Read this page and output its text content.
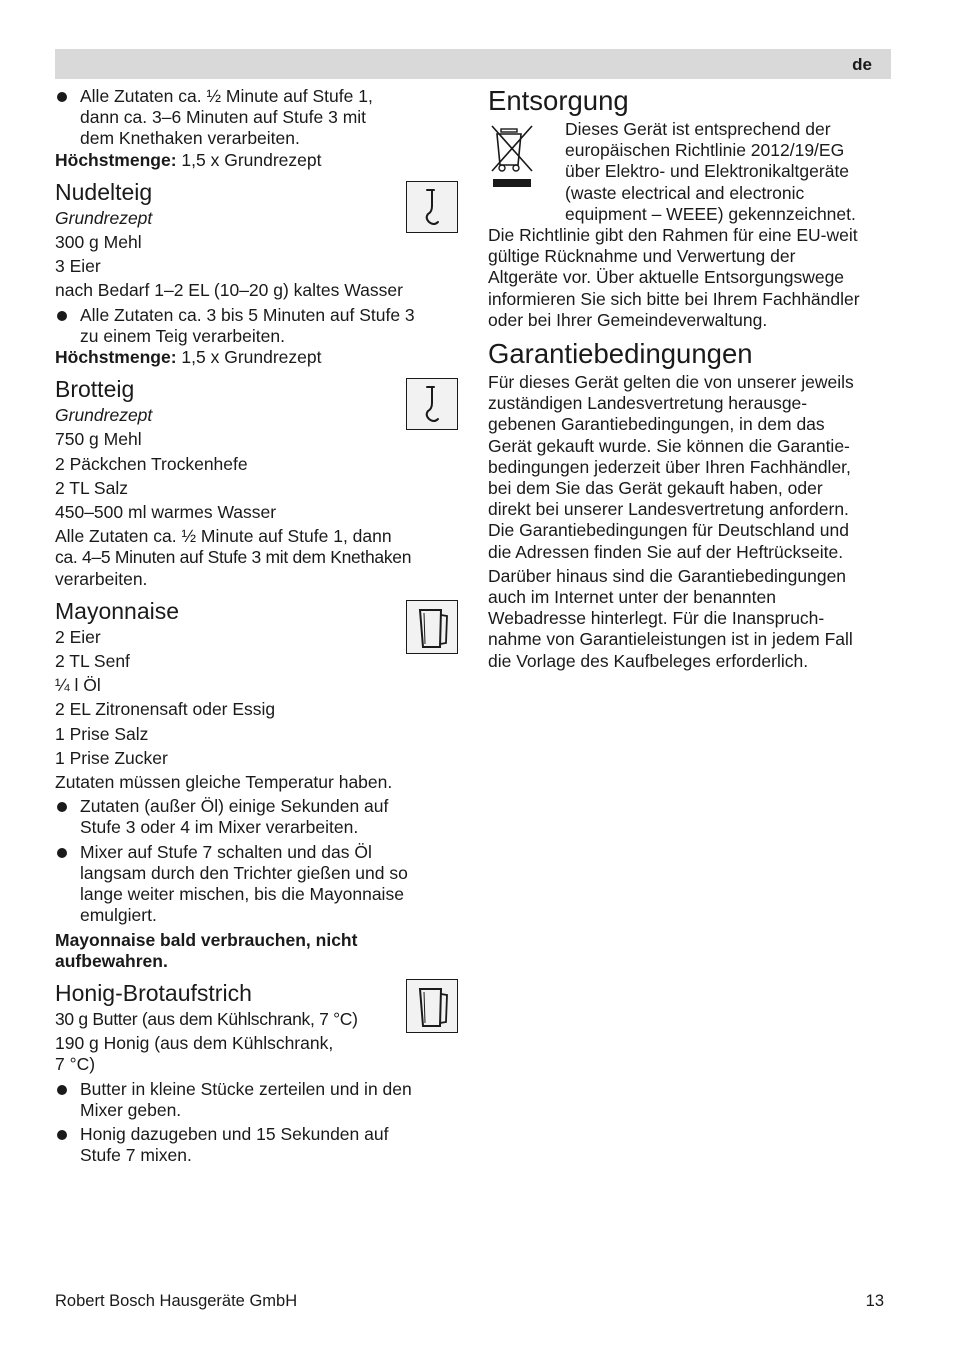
de
Alle Zutaten ca. ½ Minute auf Stufe 1,
dann ca. 3–6 Minuten auf Stufe 3 mit
dem Knethaken verarbeiten.
Höchstmenge: 1,5 x Grundrezept
Nudelteig
Grundrezept
300 g Mehl
3 Eier
nach Bedarf 1–2 EL (10–20 g) kaltes Wasser
Alle Zutaten ca. 3 bis 5 Minuten auf Stufe 3
zu einem Teig verarbeiten.
Höchstmenge: 1,5 x Grundrezept
Brotteig
Grundrezept
750 g Mehl
2 Päckchen Trockenhefe
2 TL Salz
450–500 ml warmes Wasser
Alle Zutaten ca. ½ Minute auf Stufe 1, dann
ca. 4–5 Minuten auf Stufe 3 mit dem Knethaken
verarbeiten.
Mayonnaise
2 Eier
2 TL Senf
¼ l Öl
2 EL Zitronensaft oder Essig
1 Prise Salz
1 Prise Zucker
Zutaten müssen gleiche Temperatur haben.
Zutaten (außer Öl) einige Sekunden auf
Stufe 3 oder 4 im Mixer verarbeiten.
Mixer auf Stufe 7 schalten und das Öl
langsam durch den Trichter gießen und so
lange weiter mischen, bis die Mayonnaise
emulgiert.
Mayonnaise bald verbrauchen, nicht
aufbewahren.
Honig-Brotaufstrich
30 g Butter (aus dem Kühlschrank, 7 °C)
190 g Honig (aus dem Kühlschrank,
7 °C)
Butter in kleine Stücke zerteilen und in den
Mixer geben.
Honig dazugeben und 15 Sekunden auf
Stufe 7 mixen.
Entsorgung
Dieses Gerät ist entsprechend der
europäischen Richtlinie 2012/19/EG
über Elektro- und Elektronikaltgeräte
(waste electrical and electronic
equipment – WEEE) gekennzeichnet.
Die Richtlinie gibt den Rahmen für eine EU-weit
gültige Rücknahme und Verwertung der
Altgeräte vor. Über aktuelle Entsorgungswege
informieren Sie sich bitte bei Ihrem Fachhändler
oder bei Ihrer Gemeindeverwaltung.
Garantiebedingungen
Für dieses Gerät gelten die von unserer jeweils
zuständigen Landesvertretung herausge-
gebenen Garantiebedingungen, in dem das
Gerät gekauft wurde. Sie können die Garantie-
bedingungen jederzeit über Ihren Fachhändler,
bei dem Sie das Gerät gekauft haben, oder
direkt bei unserer Landesvertretung anfordern.
Die Garantiebedingungen für Deutschland und
die Adressen finden Sie auf der Heftrückseite.
Darüber hinaus sind die Garantiebedingungen
auch im Internet unter der benannten
Webadresse hinterlegt. Für die Inanspruch-
nahme von Garantieleistungen ist in jedem Fall
die Vorlage des Kaufbeleges erforderlich.
Robert Bosch Hausgeräte GmbH	13
